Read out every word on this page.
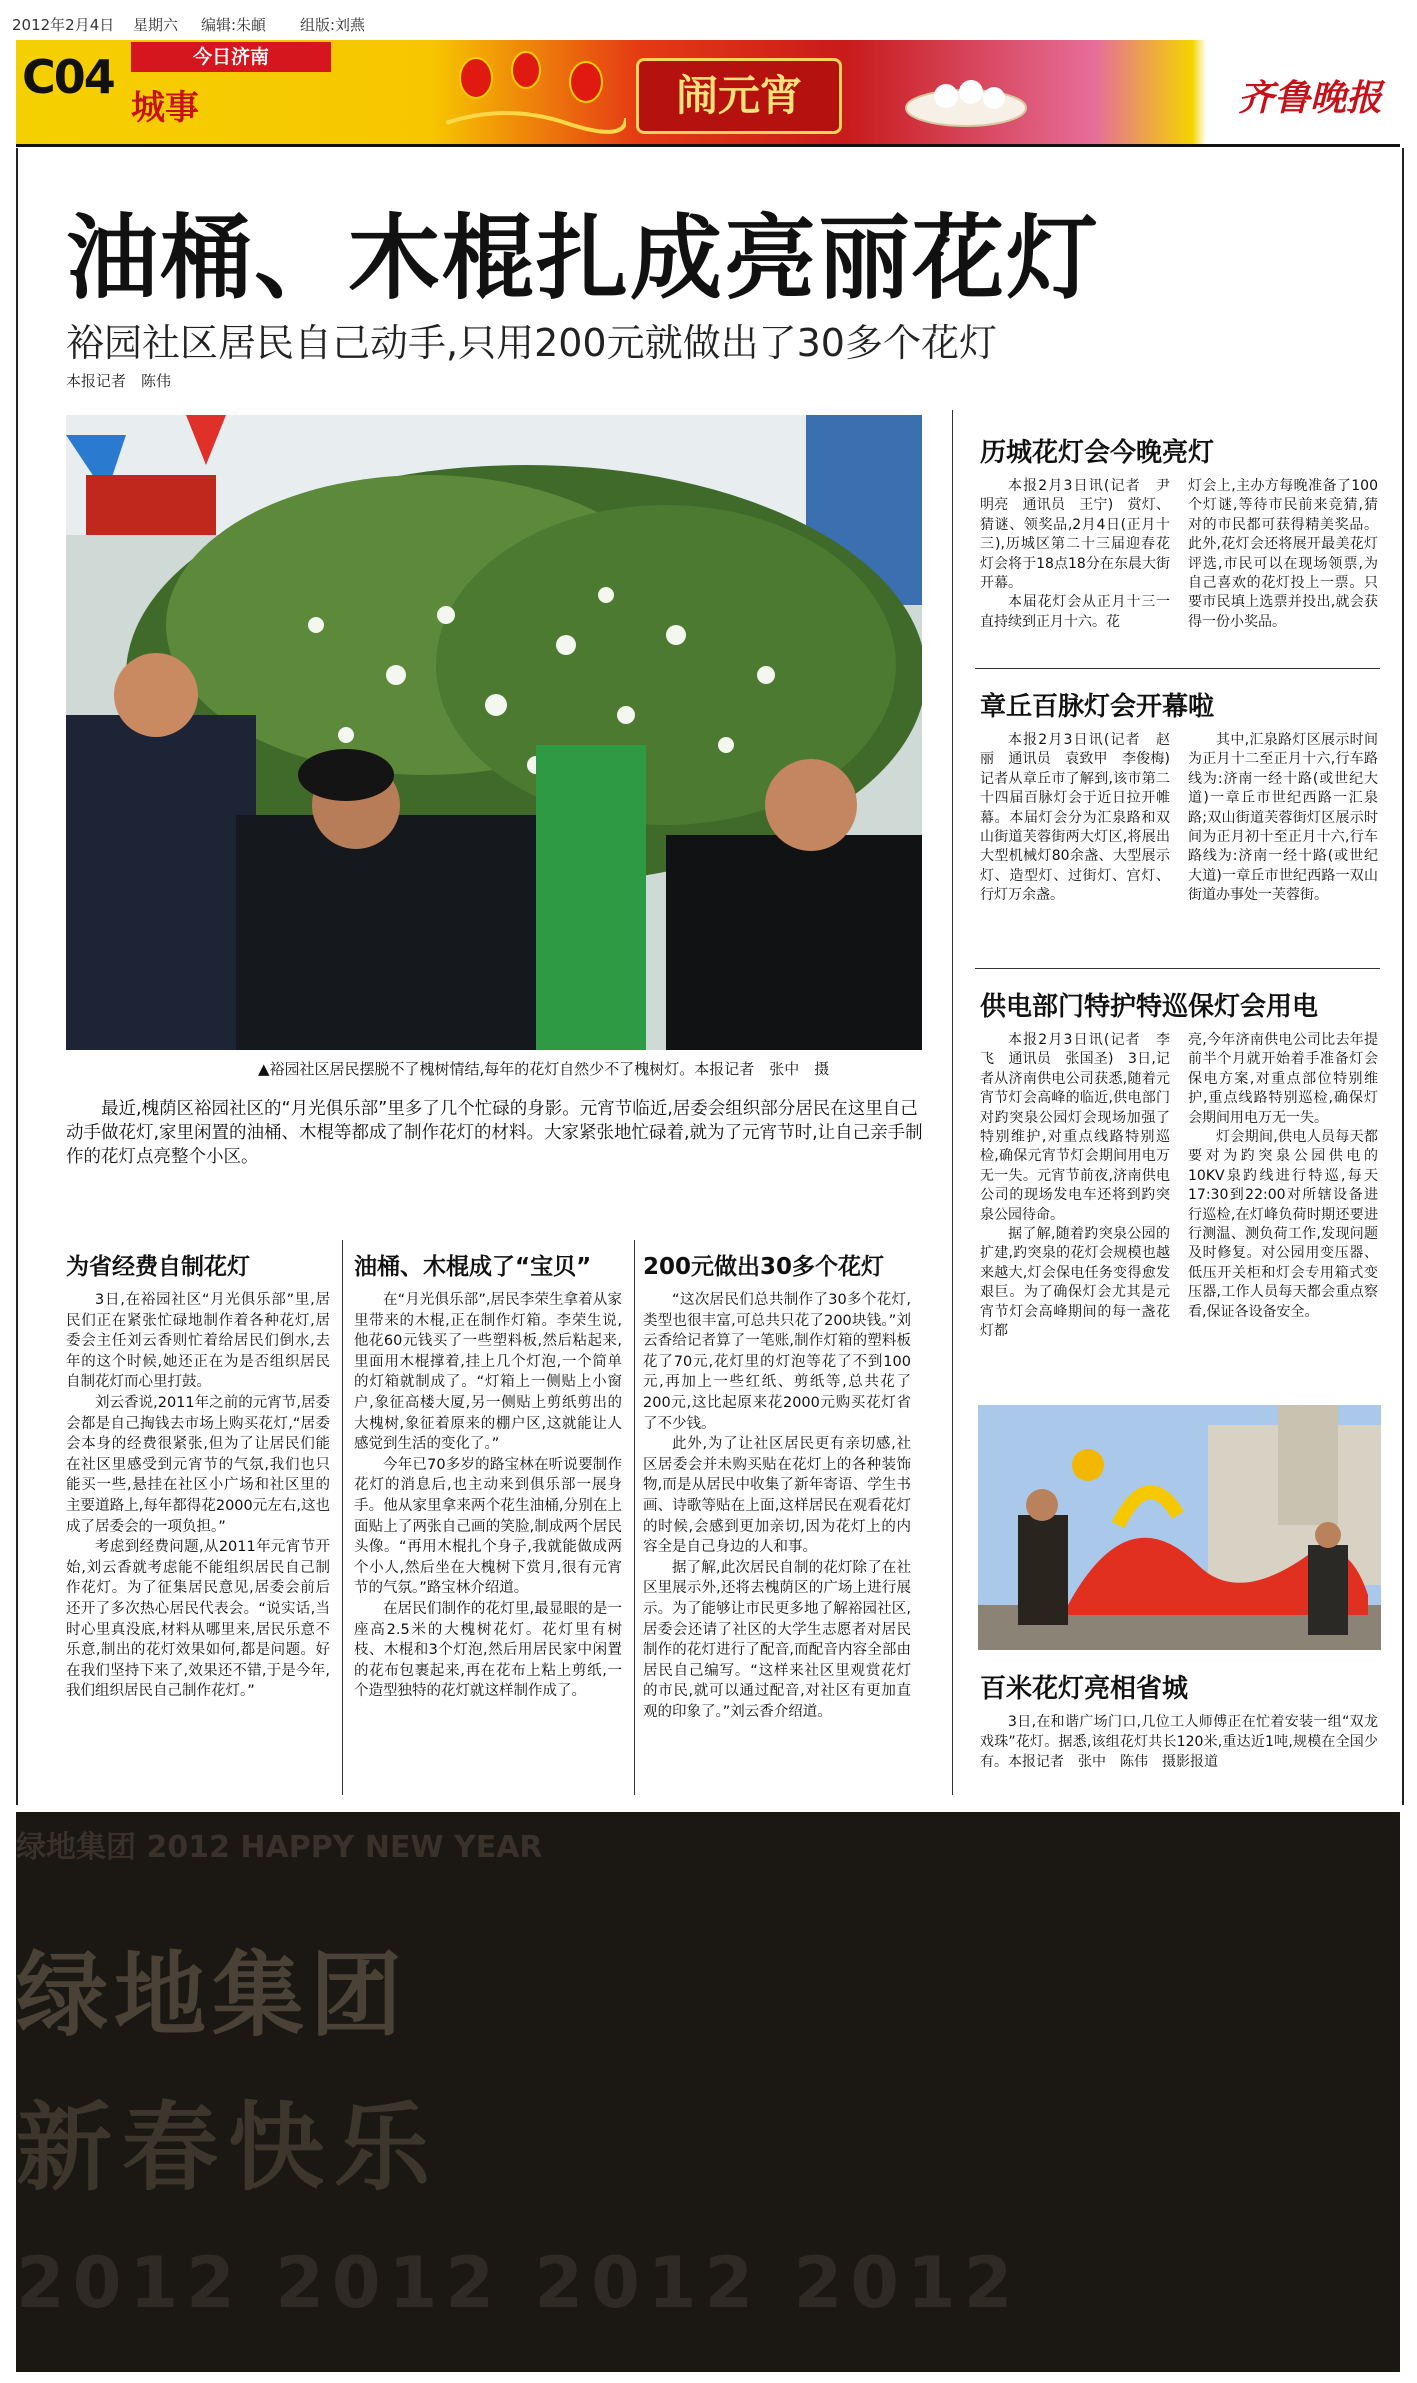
2012年2月4日 星期六 编辑:朱頔 组版:刘燕
C04	今日济南
城事	闹元宵	齐鲁晚报
油桶、木棍扎成亮丽花灯
裕园社区居民自己动手,只用200元就做出了30多个花灯
本报记者　陈伟
▲裕园社区居民摆脱不了槐树情结,每年的花灯自然少不了槐树灯。本报记者　张中　摄
最近,槐荫区裕园社区的“月光俱乐部”里多了几个忙碌的身影。元宵节临近,居委会组织部分居民在这里自己动手做花灯,家里闲置的油桶、木棍等都成了制作花灯的材料。大家紧张地忙碌着,就为了元宵节时,让自己亲手制作的花灯点亮整个小区。
为省经费自制花灯

3日,在裕园社区“月光俱乐部”里,居民们正在紧张忙碌地制作着各种花灯,居委会主任刘云香则忙着给居民们倒水,去年的这个时候,她还正在为是否组织居民自制花灯而心里打鼓。

刘云香说,2011年之前的元宵节,居委会都是自己掏钱去市场上购买花灯,“居委会本身的经费很紧张,但为了让居民们能在社区里感受到元宵节的气氛,我们也只能买一些,悬挂在社区小广场和社区里的主要道路上,每年都得花2000元左右,这也成了居委会的一项负担。”

考虑到经费问题,从2011年元宵节开始,刘云香就考虑能不能组织居民自己制作花灯。为了征集居民意见,居委会前后还开了多次热心居民代表会。“说实话,当时心里真没底,材料从哪里来,居民乐意不乐意,制出的花灯效果如何,都是问题。好在我们坚持下来了,效果还不错,于是今年,我们组织居民自己制作花灯。”

油桶、木棍成了“宝贝”

在“月光俱乐部”,居民李荣生拿着从家里带来的木棍,正在制作灯箱。李荣生说,他花60元钱买了一些塑料板,然后粘起来,里面用木棍撑着,挂上几个灯泡,一个简单的灯箱就制成了。“灯箱上一侧贴上小窗户,象征高楼大厦,另一侧贴上剪纸剪出的大槐树,象征着原来的棚户区,这就能让人感觉到生活的变化了。”

今年已70多岁的路宝林在听说要制作花灯的消息后,也主动来到俱乐部一展身手。他从家里拿来两个花生油桶,分别在上面贴上了两张自己画的笑脸,制成两个居民头像。“再用木棍扎个身子,我就能做成两个小人,然后坐在大槐树下赏月,很有元宵节的气氛。”路宝林介绍道。

在居民们制作的花灯里,最显眼的是一座高2.5米的大槐树花灯。花灯里有树枝、木棍和3个灯泡,然后用居民家中闲置的花布包裹起来,再在花布上粘上剪纸,一个造型独特的花灯就这样制作成了。

200元做出30多个花灯

“这次居民们总共制作了30多个花灯,类型也很丰富,可总共只花了200块钱。”刘云香给记者算了一笔账,制作灯箱的塑料板花了70元,花灯里的灯泡等花了不到100元,再加上一些红纸、剪纸等,总共花了200元,这比起原来花2000元购买花灯省了不少钱。

此外,为了让社区居民更有亲切感,社区居委会并未购买贴在花灯上的各种装饰物,而是从居民中收集了新年寄语、学生书画、诗歌等贴在上面,这样居民在观看花灯的时候,会感到更加亲切,因为花灯上的内容全是自己身边的人和事。

据了解,此次居民自制的花灯除了在社区里展示外,还将去槐荫区的广场上进行展示。为了能够让市民更多地了解裕园社区,居委会还请了社区的大学生志愿者对居民制作的花灯进行了配音,而配音内容全部由居民自己编写。“这样来社区里观赏花灯的市民,就可以通过配音,对社区有更加直观的印象了。”刘云香介绍道。

历城花灯会今晚亮灯

本报2月3日讯(记者　尹明亮　通讯员　王宁)　赏灯、猜谜、领奖品,2月4日(正月十三),历城区第二十三届迎春花灯会将于18点18分在东晨大街开幕。

本届花灯会从正月十三一直持续到正月十六。花

灯会上,主办方每晚准备了100个灯谜,等待市民前来竞猜,猜对的市民都可获得精美奖品。此外,花灯会还将展开最美花灯评选,市民可以在现场领票,为自己喜欢的花灯投上一票。只要市民填上选票并投出,就会获得一份小奖品。

章丘百脉灯会开幕啦

本报2月3日讯(记者　赵丽　通讯员　袁致甲　李俊梅)　记者从章丘市了解到,该市第二十四届百脉灯会于近日拉开帷幕。本届灯会分为汇泉路和双山街道芙蓉街两大灯区,将展出大型机械灯80余盏、大型展示灯、造型灯、过街灯、宫灯、行灯万余盏。

其中,汇泉路灯区展示时间为正月十二至正月十六,行车路线为:济南一经十路(或世纪大道)一章丘市世纪西路一汇泉路;双山街道芙蓉街灯区展示时间为正月初十至正月十六,行车路线为:济南一经十路(或世纪大道)一章丘市世纪西路一双山街道办事处一芙蓉街。

供电部门特护特巡保灯会用电

本报2月3日讯(记者　李飞　通讯员　张国圣)　3日,记者从济南供电公司获悉,随着元宵节灯会高峰的临近,供电部门对趵突泉公园灯会现场加强了特别维护,对重点线路特别巡检,确保元宵节灯会期间用电万无一失。元宵节前夜,济南供电公司的现场发电车还将到趵突泉公园待命。

据了解,随着趵突泉公园的扩建,趵突泉的花灯会规模也越来越大,灯会保电任务变得愈发艰巨。为了确保灯会尤其是元宵节灯会高峰期间的每一盏花灯都

亮,今年济南供电公司比去年提前半个月就开始着手准备灯会保电方案,对重点部位特别维护,重点线路特别巡检,确保灯会期间用电万无一失。

灯会期间,供电人员每天都要对为趵突泉公园供电的10KV泉趵线进行特巡,每天17:30到22:00对所辖设备进行巡检,在灯峰负荷时期还要进行测温、测负荷工作,发现问题及时修复。对公园用变压器、低压开关柜和灯会专用箱式变压器,工作人员每天都会重点察看,保证各设备安全。

百米花灯亮相省城

3日,在和谐广场门口,几位工人师傅正在忙着安装一组“双龙戏珠”花灯。据悉,该组花灯共长120米,重达近1吨,规模在全国少有。本报记者　张中　陈伟　摄影报道

绿地集团 2012 HAPPY NEW YEAR
绿地集团
新春快乐
2012 2012 2012 2012
